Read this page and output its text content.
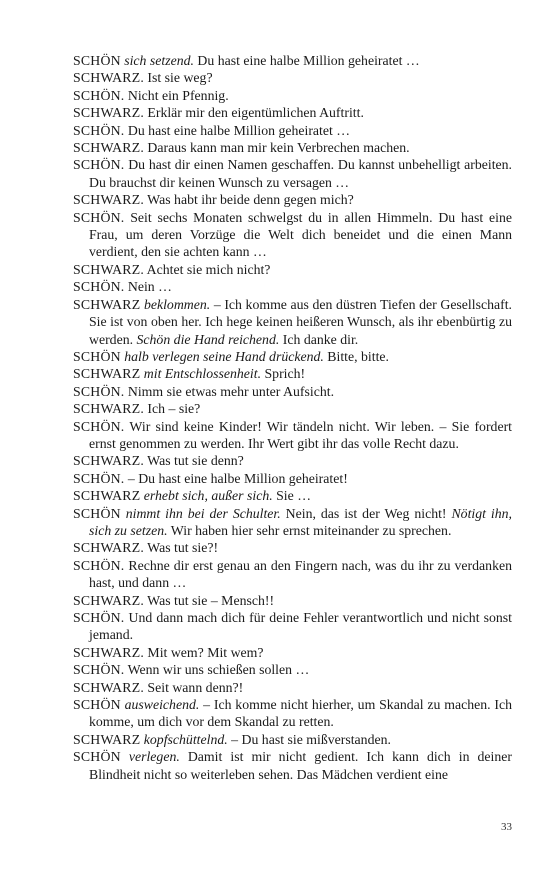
SCHÖN sich setzend. Du hast eine halbe Million geheiratet …

SCHWARZ. Ist sie weg?

SCHÖN. Nicht ein Pfennig.

SCHWARZ. Erklär mir den eigentümlichen Auftritt.

SCHÖN. Du hast eine halbe Million geheiratet …

SCHWARZ. Daraus kann man mir kein Verbrechen machen.

SCHÖN. Du hast dir einen Namen geschaffen. Du kannst unbehelligt arbeiten. Du brauchst dir keinen Wunsch zu versagen …

SCHWARZ. Was habt ihr beide denn gegen mich?

SCHÖN. Seit sechs Monaten schwelgst du in allen Himmeln. Du hast eine Frau, um deren Vorzüge die Welt dich beneidet und die einen Mann verdient, den sie achten kann …

SCHWARZ. Achtet sie mich nicht?

SCHÖN. Nein …

SCHWARZ beklommen. – Ich komme aus den düstren Tiefen der Gesellschaft. Sie ist von oben her. Ich hege keinen heißeren Wunsch, als ihr ebenbürtig zu werden. Schön die Hand reichend. Ich danke dir.

SCHÖN halb verlegen seine Hand drückend. Bitte, bitte.

SCHWARZ mit Entschlossenheit. Sprich!

SCHÖN. Nimm sie etwas mehr unter Aufsicht.

SCHWARZ. Ich – sie?

SCHÖN. Wir sind keine Kinder! Wir tändeln nicht. Wir leben. – Sie fordert ernst genommen zu werden. Ihr Wert gibt ihr das volle Recht dazu.

SCHWARZ. Was tut sie denn?

SCHÖN. – Du hast eine halbe Million geheiratet!

SCHWARZ erhebt sich, außer sich. Sie …

SCHÖN nimmt ihn bei der Schulter. Nein, das ist der Weg nicht! Nötigt ihn, sich zu setzen. Wir haben hier sehr ernst miteinander zu sprechen.

SCHWARZ. Was tut sie?!

SCHÖN. Rechne dir erst genau an den Fingern nach, was du ihr zu verdanken hast, und dann …

SCHWARZ. Was tut sie – Mensch!!

SCHÖN. Und dann mach dich für deine Fehler verantwortlich und nicht sonst jemand.

SCHWARZ. Mit wem? Mit wem?

SCHÖN. Wenn wir uns schießen sollen …

SCHWARZ. Seit wann denn?!

SCHÖN ausweichend. – Ich komme nicht hierher, um Skandal zu machen. Ich komme, um dich vor dem Skandal zu retten.

SCHWARZ kopfschüttelnd. – Du hast sie mißverstanden.

SCHÖN verlegen. Damit ist mir nicht gedient. Ich kann dich in deiner Blindheit nicht so weiterleben sehen. Das Mädchen verdient eine

33
